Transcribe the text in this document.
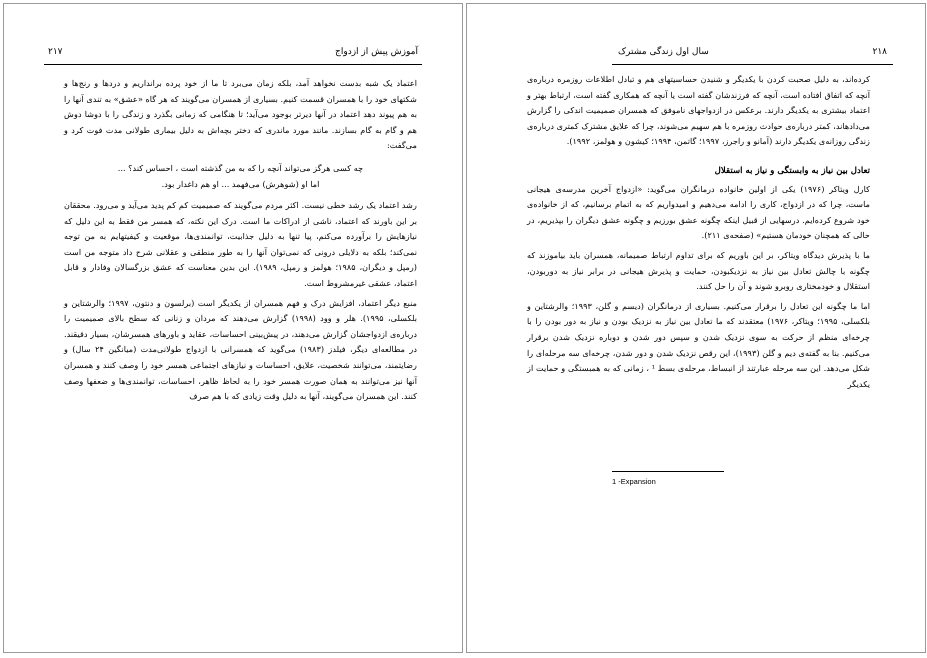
آموزش پیش از ازدواج
۲۱۷

اعتماد یک شبه بدست نخواهد آمد، بلکه زمان می‌برد تا ما از خود پرده برانداریم و دردها و رنج‌ها و شکتهای خود را با همسران قسمت کنیم. بسیاری از همسران می‌گویند که هر گاه «عشق» به تندی آنها را به هم پیوند دهد اعتماد در آنها دیرتر بوجود می‌آید؛ تا هنگامی که زمانی بگذرد و زندگی را با دوشا دوش هم و گام به گام بسازند. مانند مورد ماندری که دختر بچه‌اش به دلیل بیماری طولانی مدت فوت کرد و می‌گفت:

چه کسی هرگز می‌تواند آنچه را که به من گذشته است ، احساس کند؟ ...
اما او (شوهرش) می‌فهمد ... او هم داغدار بود.

رشد اعتماد یک رشد خطی نیست. اکثر مردم می‌گویند که صمیمیت کم کم پدید می‌آید و می‌رود. محققان بر این باورند که اعتماد، ناشی از ادراکات ما است. درک این نکته، که همسر من فقط به این دلیل که نیازهایش را برآورده می‌کنم، پیا تنها به دلیل جذابیت، توانمندی‌ها، موقعیت و کیفیتهایم به من توجه نمی‌کند؛ بلکه به دلایلی درونی که نمی‌توان آنها را به طور منطقی و عقلانی شرح داد متوجه من است (رمپل و دیگران، ۱۹۸۵؛ هولمز و رمپل، ۱۹۸۹). این بدین معناست که عشق بزرگسالان وفادار و قابل اعتماد، عشقی غیرمشروط است.

منبع دیگر اعتماد، افزایش درک و فهم همسران از یکدیگر است (برلسون و دنتون، ۱۹۹۷؛ والرشتاین و بلکسلی، ۱۹۹۵). هلر و وود (۱۹۹۸) گزارش می‌دهند که مردان و زنانی که سطح بالای صمیمیت را درباره‌ی ازدواجشان گزارش می‌دهند، در پیش‌بینی احساسات، عقاید و باورهای همسرشان، بسیار دقیقند. در مطالعه‌ای دیگر، فیلدز (۱۹۸۳) می‌گوید که همسرانی با ازدواج طولانی‌مدت (میانگین ۲۴ سال) و رضایتمند، می‌توانند شخصیت، علایق، احساسات و نیازهای اجتماعی همسر خود را وصف کنند و همسران آنها نیز می‌توانند به همان صورت همسر خود را به لحاظ ظاهر، احساسات، توانمندی‌ها و ضعفها وصف کنند. این همسران می‌گویند، آنها به دلیل وقت زیادی که با هم صرف

سال اول زندگی مشترک	۲۱۸

کرده‌اند، به دلیل صحبت کردن با یکدیگر و شنیدن حساسیتهای هم و تبادل اطلاعات روزمره درباره‌ی آنچه که اتفاق افتاده است، آنچه که فرزندشان گفته است یا آنچه که همکاری گفته است، ارتباط بهتر و اعتماد بیشتری به یکدیگر دارند. برعکس در ازدواجهای ناموفق که همسران صمیمیت اندکی را گزارش می‌دادهاند، کمتر درباره‌ی حوادث روزمره با هم سهیم می‌شوند، چرا که علایق مشترک کمتری درباره‌ی زندگی روزانه‌ی یکدیگر دارند (آمانو و راجرز، ۱۹۹۷؛ گاتمن، ۱۹۹۴؛ کیشون و هولمز، ۱۹۹۲).

تعادل بین نیاز به وابستگی و نیاز به استقلال

کارل ویتاکر (۱۹۷۶) یکی از اولین خانواده درمانگران می‌گوید: «ازدواج آخرین مدرسه‌ی هیجانی ماست، چرا که در ازدواج، کاری را ادامه می‌دهیم و امیدواریم که به اتمام برسانیم، که از خانواده‌ی خود شروع کرده‌ایم. درسهایی از قبیل اینکه چگونه عشق بورزیم و چگونه عشق دیگران را بپذیریم، در حالی که همچنان خودمان هستیم» (صفحه‌ی ۲۱۱).

ما با پذیرش دیدگاه ویتاکر، بر این باوریم که برای تداوم ارتباط صمیمانه، همسران باید بیاموزند که چگونه با چالش تعادل بین نیاز به نزدیکبودن، حمایت و پذیرش هیجانی در برابر نیاز به دوربودن، استقلال و خودمختاری روبرو شوند و آن را حل کنند.

اما ما چگونه این تعادل را برقرار می‌کنیم. بسیاری از درمانگران (دیسم و گلن، ۱۹۹۳؛ والرشتاین و بلکسلی، ۱۹۹۵؛ ویتاکر، ۱۹۷۶) معتقدند که ما تعادل بین نیاز به نزدیک بودن و نیاز به دور بودن را با چرخه‌ای منظم از حرکت به سوی نزدیک شدن و سپس دور شدن و دوباره نزدیک شدن برقرار می‌کنیم. بنا به گفته‌ی دیم و گلن (۱۹۹۳)، این رقص نزدیک شدن و دور شدن، چرخه‌ای سه مرحله‌ای را شکل می‌دهد. این سه مرحله عبارتند از انبساط، مرحله‌ی بسط ¹ ، زمانی که به همبستگی و حمایت از یکدیگر

1 -Expansion
